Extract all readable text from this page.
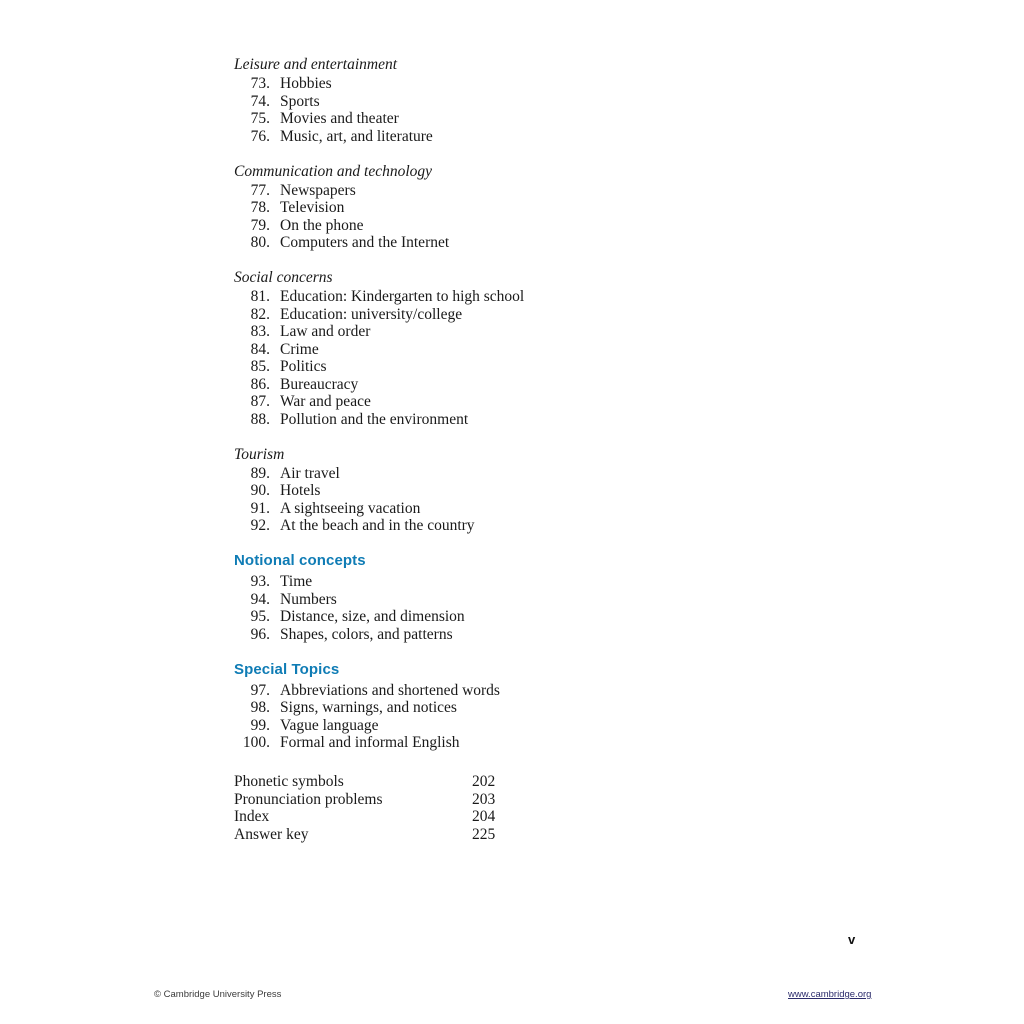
Leisure and entertainment
73. Hobbies
74. Sports
75. Movies and theater
76. Music, art, and literature
Communication and technology
77. Newspapers
78. Television
79. On the phone
80. Computers and the Internet
Social concerns
81. Education: Kindergarten to high school
82. Education: university/college
83. Law and order
84. Crime
85. Politics
86. Bureaucracy
87. War and peace
88. Pollution and the environment
Tourism
89. Air travel
90. Hotels
91. A sightseeing vacation
92. At the beach and in the country
Notional concepts
93. Time
94. Numbers
95. Distance, size, and dimension
96. Shapes, colors, and patterns
Special Topics
97. Abbreviations and shortened words
98. Signs, warnings, and notices
99. Vague language
100. Formal and informal English
Phonetic symbols	202
Pronunciation problems	203
Index	204
Answer key	225
v
© Cambridge University Press	www.cambridge.org
